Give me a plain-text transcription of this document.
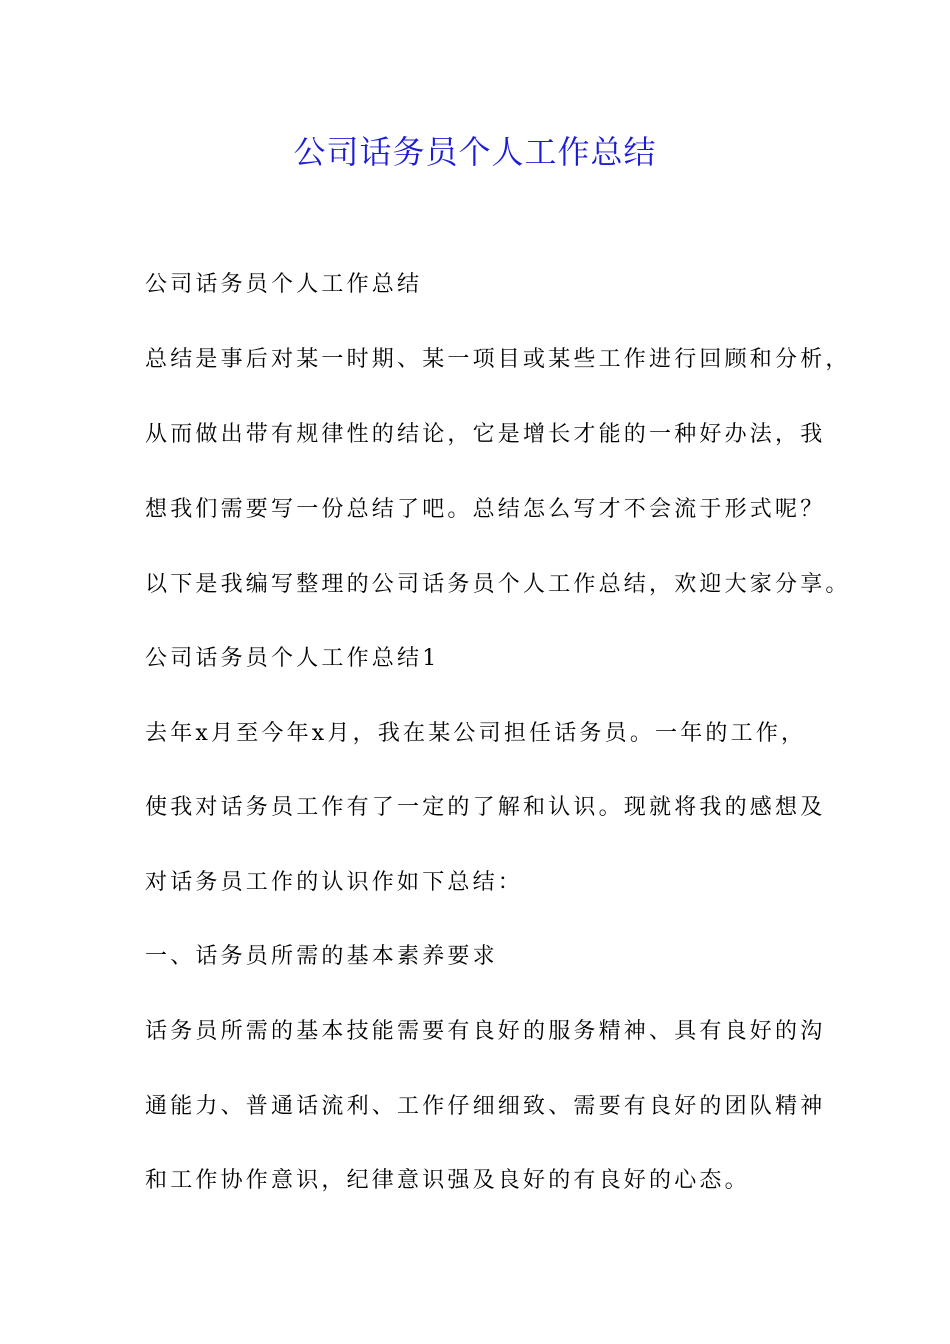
公司话务员个人工作总结

公司话务员个人工作总结

总结是事后对某一时期、某一项目或某些工作进行回顾和分析，

从而做出带有规律性的结论，它是增长才能的一种好办法，我

想我们需要写一份总结了吧。总结怎么写才不会流于形式呢？

以下是我编写整理的公司话务员个人工作总结，欢迎大家分享。

公司话务员个人工作总结1

去年x月至今年x月，我在某公司担任话务员。一年的工作，

使我对话务员工作有了一定的了解和认识。现就将我的感想及

对话务员工作的认识作如下总结：

一、话务员所需的基本素养要求

话务员所需的基本技能需要有良好的服务精神、具有良好的沟

通能力、普通话流利、工作仔细细致、需要有良好的团队精神

和工作协作意识，纪律意识强及良好的有良好的心态。
